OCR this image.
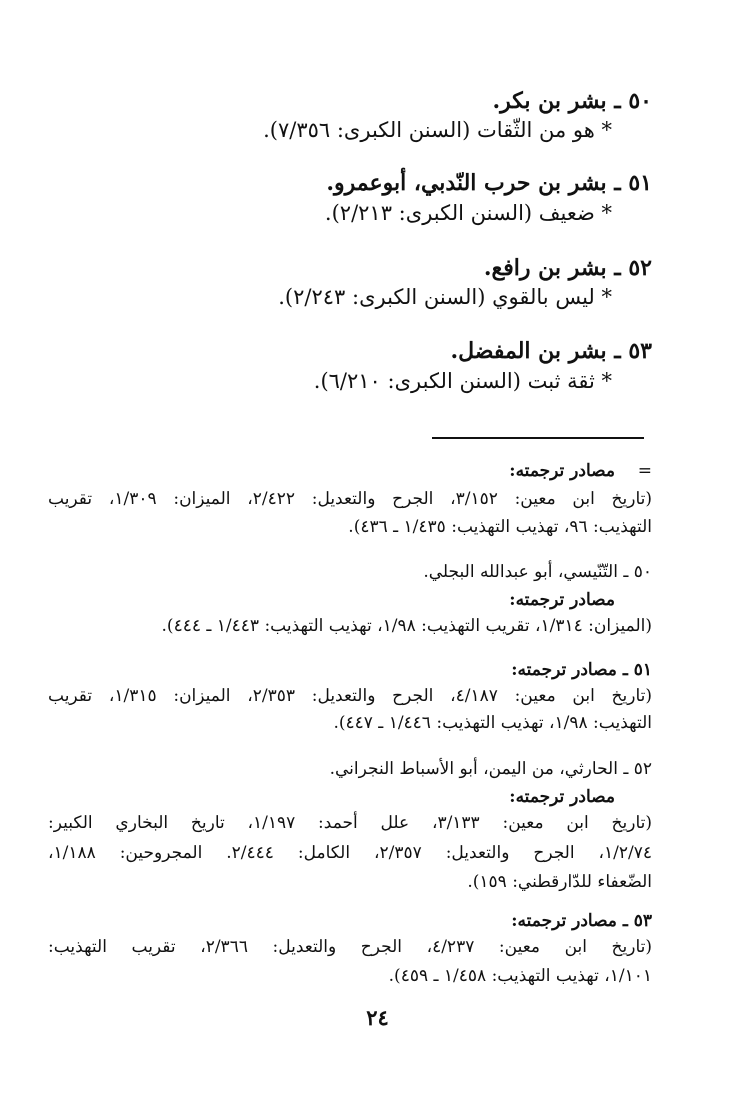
٥٠ ـ بشر بن بكر.
* هو من الثّقات (السنن الكبرى: ٧/٣٥٦).
٥١ ـ بشر بن حرب النّدبي، أبوعمرو.
* ضعيف (السنن الكبرى: ٢/٢١٣).
٥٢ ـ بشر بن رافع.
* ليس بالقوي (السنن الكبرى: ٢/٢٤٣).
٥٣ ـ بشر بن المفضل.
* ثقة ثبت (السنن الكبرى: ٦/٢١٠).
=
مصادر ترجمته:
(تاريخ ابن معين: ٣/١٥٢، الجرح والتعديل: ٢/٤٢٢، الميزان: ١/٣٠٩، تقريب
التهذيب: ٩٦، تهذيب التهذيب: ١/٤٣٥ ـ ٤٣٦).
٥٠ ـ التّنّيسي، أبو عبدالله البجلي.
مصادر ترجمته:
(الميزان: ١/٣١٤، تقريب التهذيب: ١/٩٨، تهذيب التهذيب: ١/٤٤٣ ـ ٤٤٤).
٥١ ـ مصادر ترجمته:
(تاريخ ابن معين: ٤/١٨٧، الجرح والتعديل: ٢/٣٥٣، الميزان: ١/٣١٥، تقريب
التهذيب: ١/٩٨، تهذيب التهذيب: ١/٤٤٦ ـ ٤٤٧).
٥٢ ـ الحارثي، من اليمن، أبو الأسباط النجراني.
مصادر ترجمته:
(تاريخ ابن معين: ٣/١٣٣، علل أحمد: ١/١٩٧، تاريخ البخاري الكبير:
١/٢/٧٤، الجرح والتعديل: ٢/٣٥٧، الكامل: ٢/٤٤٤. المجروحين: ١/١٨٨،
الضّعفاء للدّارقطني: ١٥٩).
٥٣ ـ مصادر ترجمته:
(تاريخ ابن معين: ٤/٢٣٧، الجرح والتعديل: ٢/٣٦٦، تقريب التهذيب:
١/١٠١، تهذيب التهذيب: ١/٤٥٨ ـ ٤٥٩).
٢٤
